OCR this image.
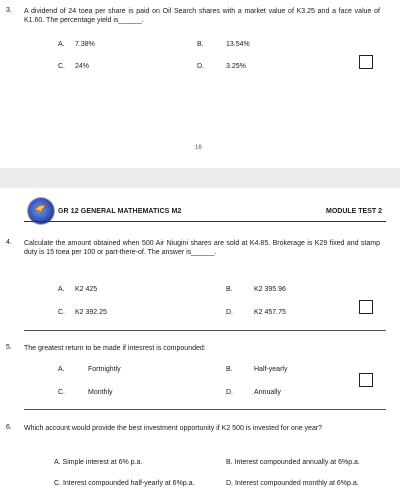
3. A dividend of 24 toea per share is paid on Oil Search shares with a market value of K3.25 and a face value of K1.60. The percentage yield is______.
A. 7.38%	B.	13.54%
C. 24%	D.	3.25%
16
GR 12 GENERAL MATHEMATICS M2	MODULE TEST 2
4. Calculate the amount obtained when 500 Air Niugini shares are sold at K4.85. Brokerage is K29 fixed and stamp duty is 15 toea per 100 or part-there-of. The answer is______.
A. K2 425	B.	K2 395.96
C. K2 392.25	D.	K2 457.75
5. The greatest return to be made if intesrest is compounded:
A.	Fortnightly	B.	Half-yearly
C.	Monthly	D.	Annually
6. Which account would provide the best investment opportunity if K2 500 is invested for one year?
A. Simple interest at 6% p.a.	B. Interest compounded annually at 6%p.a.
C. Interest compounded half-yearly at 6%p.a.	D. Interest compounded monthly at 6%p.a.
